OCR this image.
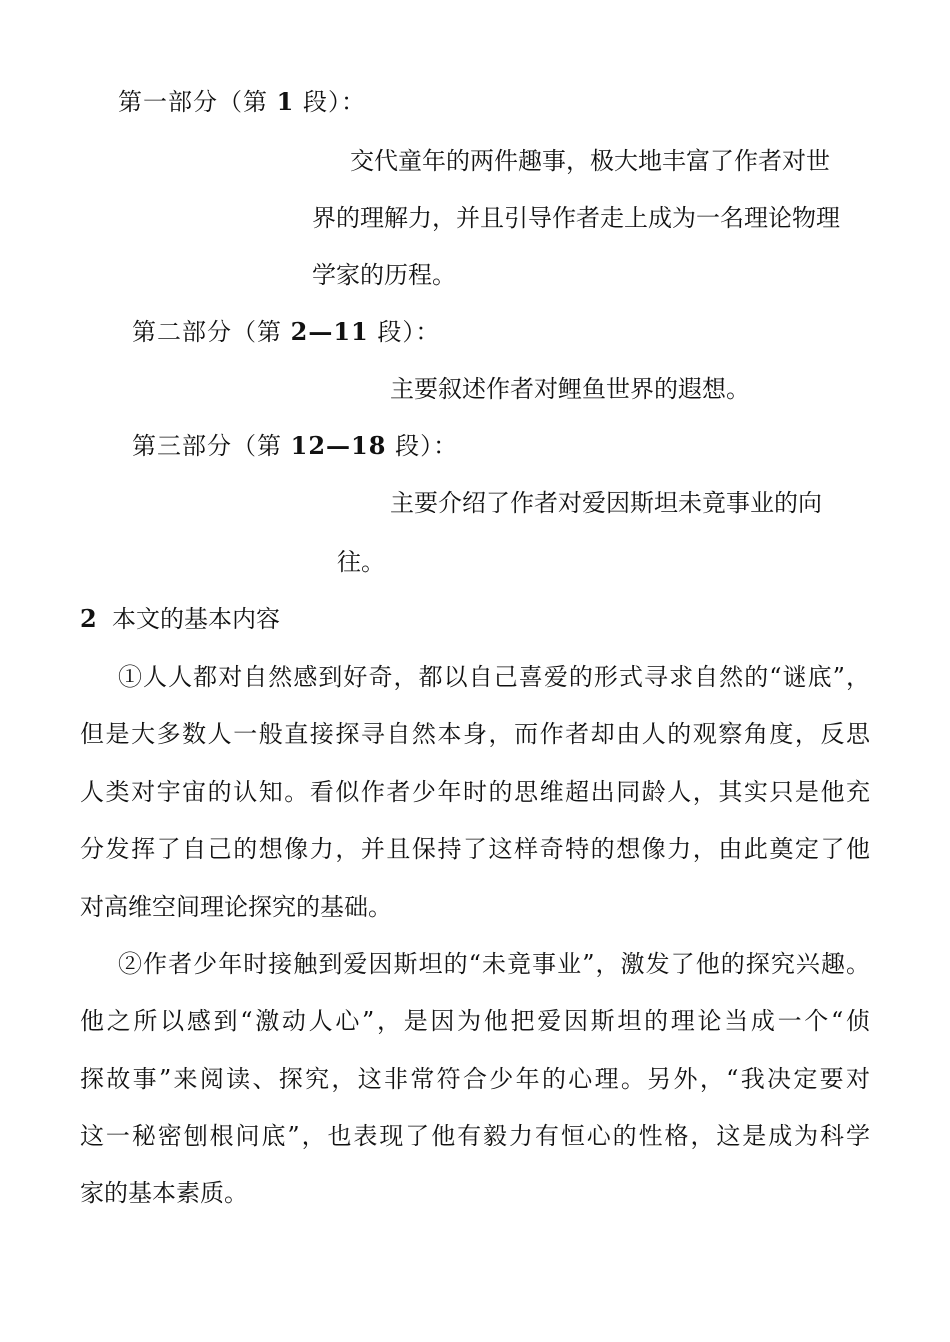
第一部分（第 1 段）：
交代童年的两件趣事，极大地丰富了作者对世
界的理解力，并且引导作者走上成为一名理论物理
学家的历程。
第二部分（第 2—11 段）：
主要叙述作者对鲤鱼世界的遐想。
第三部分（第 12—18 段）：
主要介绍了作者对爱因斯坦未竟事业的向
往。
2 本文的基本内容
①人人都对自然感到好奇，都以自己喜爱的形式寻求自然的“谜底”，
但是大多数人一般直接探寻自然本身，而作者却由人的观察角度，反思
人类对宇宙的认知。看似作者少年时的思维超出同龄人，其实只是他充
分发挥了自己的想像力，并且保持了这样奇特的想像力，由此奠定了他
对高维空间理论探究的基础。
②作者少年时接触到爱因斯坦的“未竟事业”，激发了他的探究兴趣。
他之所以感到“激动人心”，是因为他把爱因斯坦的理论当成一个“侦
探故事”来阅读、探究，这非常符合少年的心理。另外，“我决定要对
这一秘密刨根问底”，也表现了他有毅力有恒心的性格，这是成为科学
家的基本素质。
